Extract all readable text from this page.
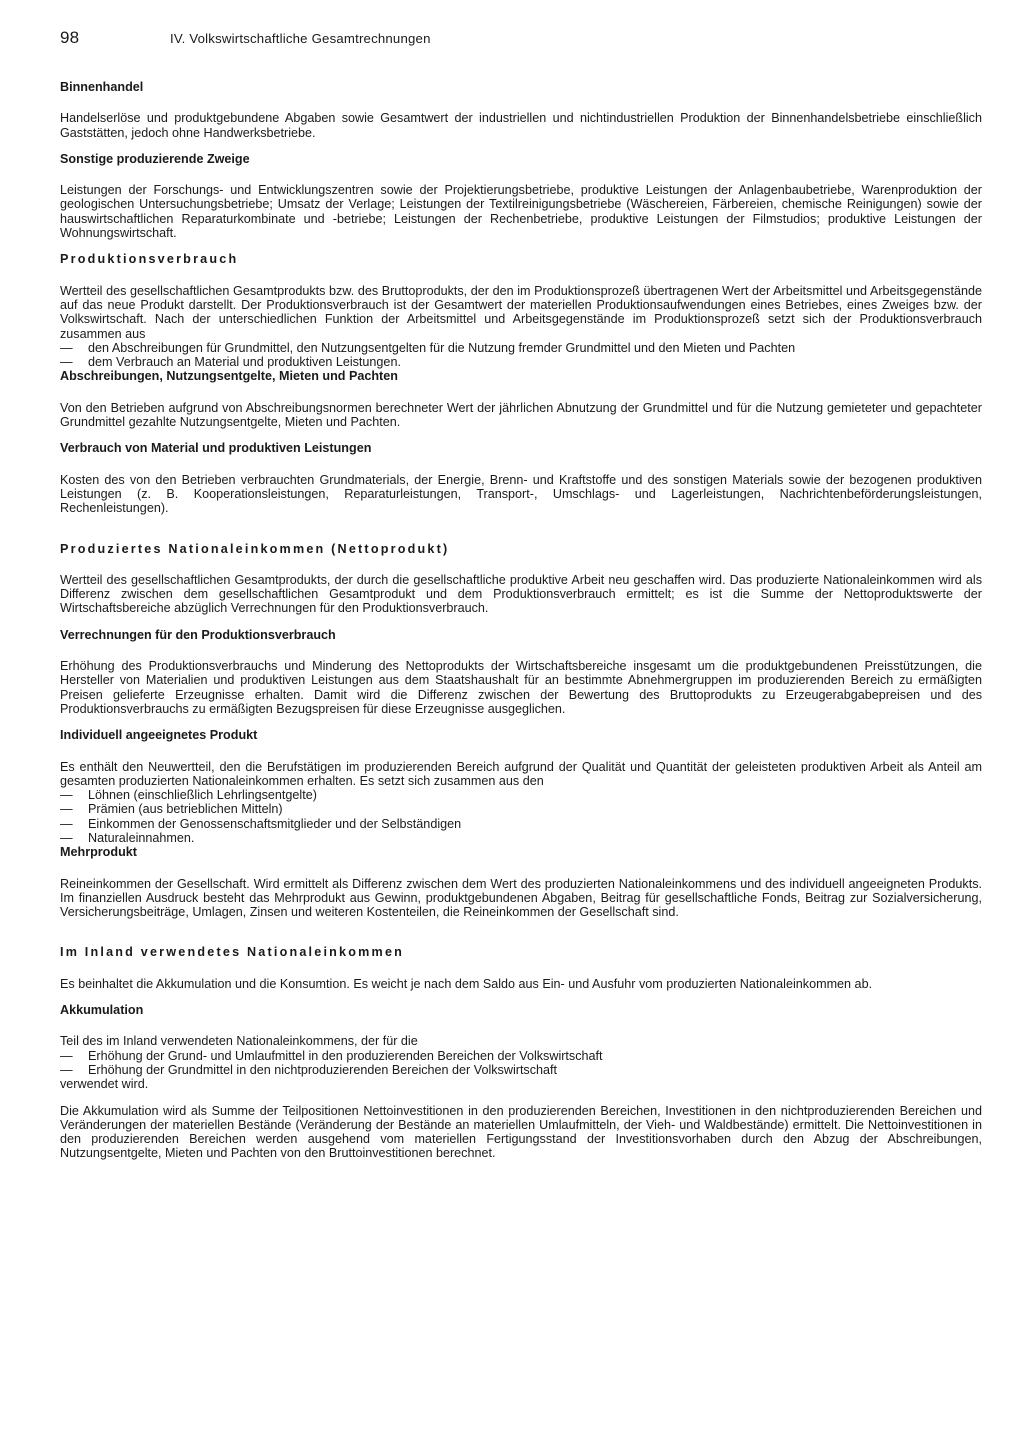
98	IV. Volkswirtschaftliche Gesamtrechnungen
Binnenhandel

Handelserlöse und produktgebundene Abgaben sowie Gesamtwert der industriellen und nichtindustriellen Produktion der Binnenhandelsbetriebe einschließlich Gaststätten, jedoch ohne Handwerksbetriebe.

Sonstige produzierende Zweige

Leistungen der Forschungs- und Entwicklungszentren sowie der Projektierungsbetriebe, produktive Leistungen der Anlagenbaubetriebe, Warenproduktion der geologischen Untersuchungsbetriebe; Umsatz der Verlage; Leistungen der Textilreinigungsbetriebe (Wäschereien, Färbereien, chemische Reinigungen) sowie der hauswirtschaftlichen Reparaturkombinate und -betriebe; Leistungen der Rechenbetriebe, produktive Leistungen der Filmstudios; produktive Leistungen der Wohnungswirtschaft.

Produktionsverbrauch

Wertteil des gesellschaftlichen Gesamtprodukts bzw. des Bruttoprodukts, der den im Produktionsprozeß übertragenen Wert der Arbeitsmittel und Arbeitsgegenstände auf das neue Produkt darstellt. Der Produktionsverbrauch ist der Gesamtwert der materiellen Produktionsaufwendungen eines Betriebes, eines Zweiges bzw. der Volkswirtschaft. Nach der unterschiedlichen Funktion der Arbeitsmittel und Arbeitsgegenstände im Produktionsprozeß setzt sich der Produktionsverbrauch zusammen aus

— den Abschreibungen für Grundmittel, den Nutzungsentgelten für die Nutzung fremder Grundmittel und den Mieten und Pachten
— dem Verbrauch an Material und produktiven Leistungen.
Abschreibungen, Nutzungsentgelte, Mieten und Pachten

Von den Betrieben aufgrund von Abschreibungsnormen berechneter Wert der jährlichen Abnutzung der Grundmittel und für die Nutzung gemieteter und gepachteter Grundmittel gezahlte Nutzungsentgelte, Mieten und Pachten.

Verbrauch von Material und produktiven Leistungen

Kosten des von den Betrieben verbrauchten Grundmaterials, der Energie, Brenn- und Kraftstoffe und des sonstigen Materials sowie der bezogenen produktiven Leistungen (z. B. Kooperationsleistungen, Reparaturleistungen, Transport-, Umschlags- und Lagerleistungen, Nachrichtenbeförderungsleistungen, Rechenleistungen).

Produziertes Nationaleinkommen (Nettoprodukt)

Wertteil des gesellschaftlichen Gesamtprodukts, der durch die gesellschaftliche produktive Arbeit neu geschaffen wird. Das produzierte Nationaleinkommen wird als Differenz zwischen dem gesellschaftlichen Gesamtprodukt und dem Produktionsverbrauch ermittelt; es ist die Summe der Nettoproduktswerte der Wirtschaftsbereiche abzüglich Verrechnungen für den Produktionsverbrauch.

Verrechnungen für den Produktionsverbrauch

Erhöhung des Produktionsverbrauchs und Minderung des Nettoprodukts der Wirtschaftsbereiche insgesamt um die produktgebundenen Preisstützungen, die Hersteller von Materialien und produktiven Leistungen aus dem Staatshaushalt für an bestimmte Abnehmergruppen im produzierenden Bereich zu ermäßigten Preisen gelieferte Erzeugnisse erhalten. Damit wird die Differenz zwischen der Bewertung des Bruttoprodukts zu Erzeugerabgabepreisen und des Produktionsverbrauchs zu ermäßigten Bezugspreisen für diese Erzeugnisse ausgeglichen.

Individuell angeeignetes Produkt

Es enthält den Neuwertteil, den die Berufstätigen im produzierenden Bereich aufgrund der Qualität und Quantität der geleisteten produktiven Arbeit als Anteil am gesamten produzierten Nationaleinkommen erhalten. Es setzt sich zusammen aus den

— Löhnen (einschließlich Lehrlingsentgelte)
— Prämien (aus betrieblichen Mitteln)
— Einkommen der Genossenschaftsmitglieder und der Selbständigen
— Naturaleinnahmen.
Mehrprodukt

Reineinkommen der Gesellschaft. Wird ermittelt als Differenz zwischen dem Wert des produzierten Nationaleinkommens und des individuell angeeigneten Produkts. Im finanziellen Ausdruck besteht das Mehrprodukt aus Gewinn, produktgebundenen Abgaben, Beitrag für gesellschaftliche Fonds, Beitrag zur Sozialversicherung, Versicherungsbeiträge, Umlagen, Zinsen und weiteren Kostenteilen, die Reineinkommen der Gesellschaft sind.

Im Inland verwendetes Nationaleinkommen

Es beinhaltet die Akkumulation und die Konsumtion. Es weicht je nach dem Saldo aus Ein- und Ausfuhr vom produzierten Nationaleinkommen ab.

Akkumulation
Teil des im Inland verwendeten Nationaleinkommens, der für die
— Erhöhung der Grund- und Umlaufmittel in den produzierenden Bereichen der Volkswirtschaft
— Erhöhung der Grundmittel in den nichtproduzierenden Bereichen der Volkswirtschaft
verwendet wird.

Die Akkumulation wird als Summe der Teilpositionen Nettoinvestitionen in den produzierenden Bereichen, Investitionen in den nichtproduzierenden Bereichen und Veränderungen der materiellen Bestände (Veränderung der Bestände an materiellen Umlaufmitteln, der Vieh- und Waldbestände) ermittelt. Die Nettoinvestitionen in den produzierenden Bereichen werden ausgehend vom materiellen Fertigungsstand der Investitionsvorhaben durch den Abzug der Abschreibungen, Nutzungsentgelte, Mieten und Pachten von den Bruttoinvestitionen berechnet.
